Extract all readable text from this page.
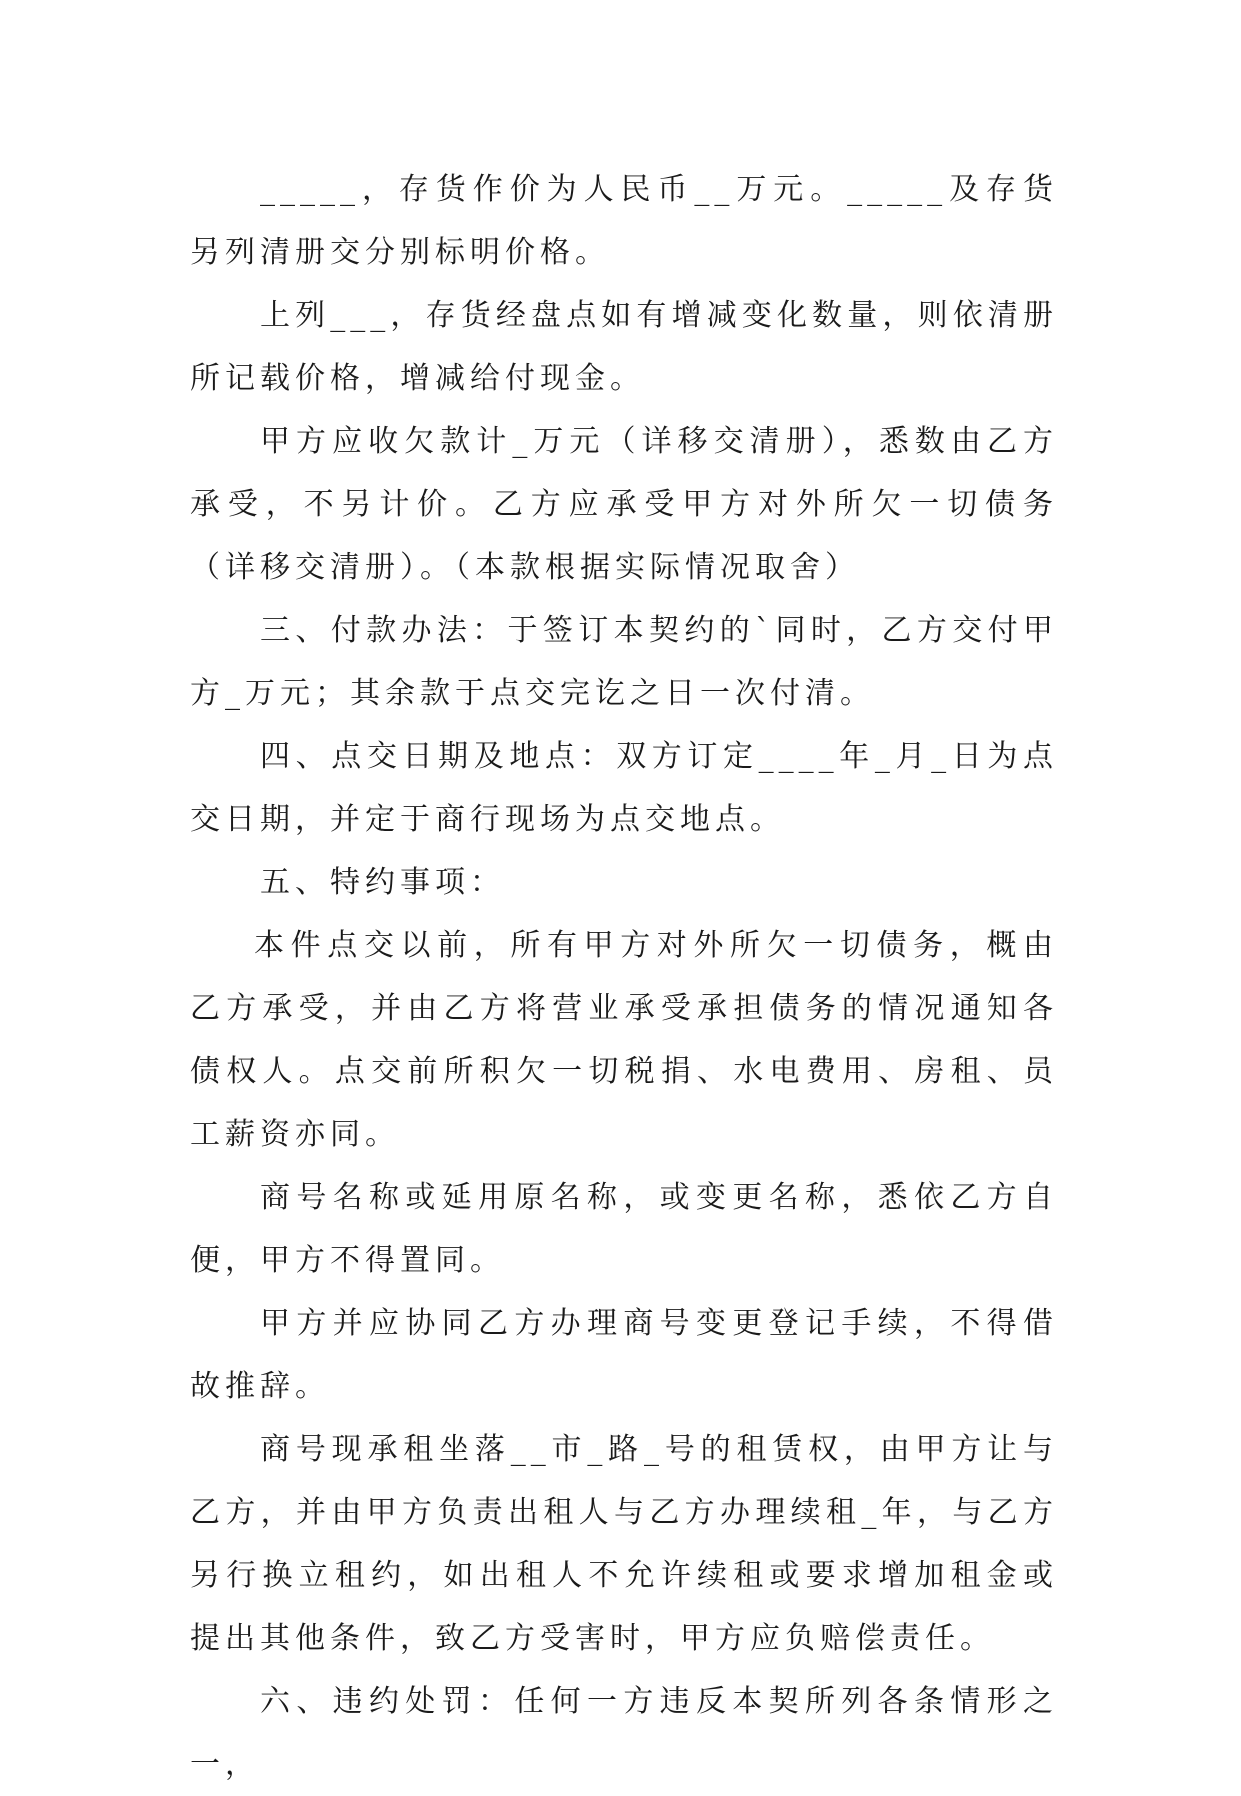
_____，存货作价为人民币__万元。_____及存货另列清册交分别标明价格。

上列___，存货经盘点如有增减变化数量，则依清册所记载价格，增减给付现金。

甲方应收欠款计_万元（详移交清册），悉数由乙方承受，不另计价。乙方应承受甲方对外所欠一切债务（详移交清册）。（本款根据实际情况取舍）

三、付款办法：于签订本契约的`同时，乙方交付甲方_万元；其余款于点交完讫之日一次付清。

四、点交日期及地点：双方订定____年_月_日为点交日期，并定于商行现场为点交地点。

五、特约事项：

本件点交以前，所有甲方对外所欠一切债务，概由乙方承受，并由乙方将营业承受承担债务的情况通知各债权人。点交前所积欠一切税捐、水电费用、房租、员工薪资亦同。

商号名称或延用原名称，或变更名称，悉依乙方自便，甲方不得置同。

甲方并应协同乙方办理商号变更登记手续，不得借故推辞。

商号现承租坐落__市_路_号的租赁权，由甲方让与乙方，并由甲方负责出租人与乙方办理续租_年，与乙方另行换立租约，如出租人不允许续租或要求增加租金或提出其他条件，致乙方受害时，甲方应负赔偿责任。

六、违约处罚：任何一方违反本契所列各条情形之一，
